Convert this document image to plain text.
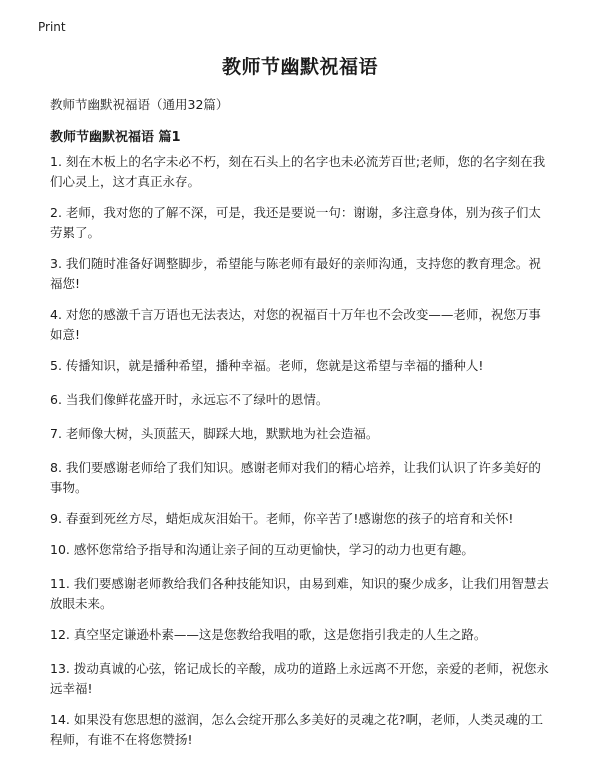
Print
教师节幽默祝福语

教师节幽默祝福语（通用32篇）

教师节幽默祝福语 篇1
1. 刻在木板上的名字未必不朽，刻在石头上的名字也未必流芳百世;老师，您的名字刻在我们心灵上，这才真正永存。
2. 老师，我对您的了解不深，可是，我还是要说一句：谢谢，多注意身体，别为孩子们太劳累了。
3. 我们随时准备好调整脚步，希望能与陈老师有最好的亲师沟通，支持您的教育理念。祝福您!
4. 对您的感激千言万语也无法表达，对您的祝福百十万年也不会改变——老师，祝您万事如意!
5. 传播知识，就是播种希望，播种幸福。老师，您就是这希望与幸福的播种人!
6. 当我们像鲜花盛开时，永远忘不了绿叶的恩情。
7. 老师像大树，头顶蓝天，脚踩大地，默默地为社会造福。
8. 我们要感谢老师给了我们知识。感谢老师对我们的精心培养，让我们认识了许多美好的事物。
9. 春蚕到死丝方尽，蜡炬成灰泪始干。老师，你辛苦了!感谢您的孩子的培育和关怀!
10. 感怀您常给予指导和沟通让亲子间的互动更愉快，学习的动力也更有趣。
11. 我们要感谢老师教给我们各种技能知识，由易到难，知识的聚少成多，让我们用智慧去放眼未来。
12. 真空坚定谦逊朴素——这是您教给我唱的歌，这是您指引我走的人生之路。
13. 拨动真诚的心弦，铭记成长的辛酸，成功的道路上永远离不开您，亲爱的老师，祝您永远幸福!
14. 如果没有您思想的滋润，怎么会绽开那么多美好的灵魂之花?啊，老师，人类灵魂的工程师，有谁不在将您赞扬!
